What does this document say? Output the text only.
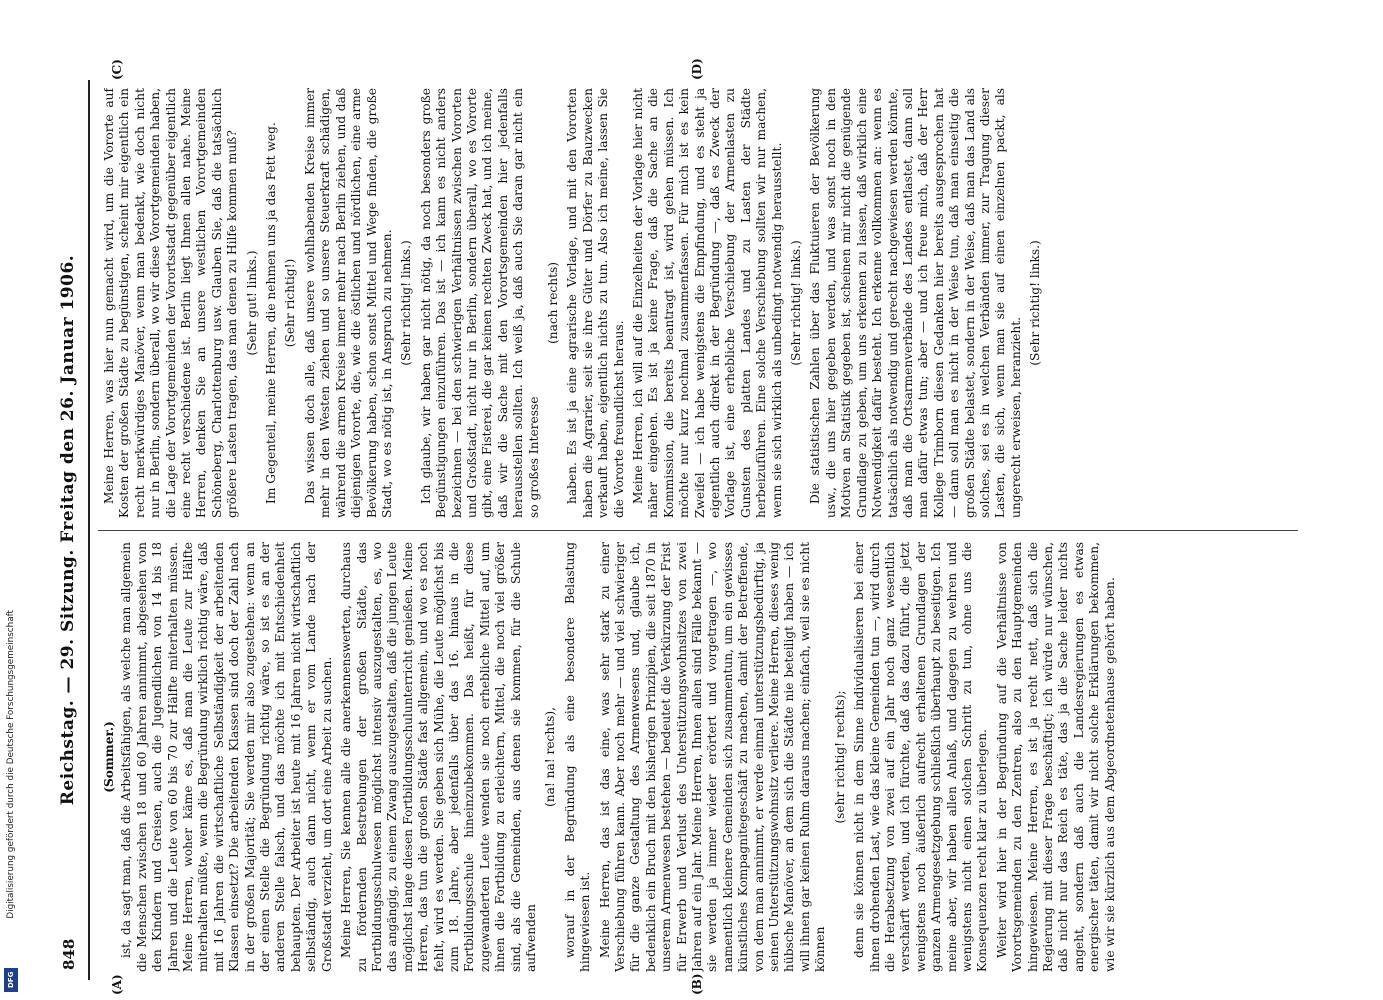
848
Reichstag. — 29. Sitzung. Freitag den 26. Januar 1906.
(A)	(B)
(C)	(D)
(Sommer.) ist, da sagt man, daß die Arbeitsfähigen, als welche man allgemein die Menschen zwischen 18 und 60 Jahren annimmt, abgesehen von den Kindern und Greisen, auch die Jugendlichen von 14 bis 18 Jahren und die Leute von 60 bis 70 zur Hälfte miterhalten müssen. Meine Herren, woher käme es, daß man die Leute zur Hälfte miterhalten müßte, wenn die Begründung wirklich richtig wäre, daß mit 16 Jahren die wirtschaftliche Selbständigkeit der arbeitenden Klassen einsetzt? Die arbeitenden Klassen sind doch der Zahl nach in der großen Majorität; Sie werden mir also zugestehen: wenn an der einen Stelle die Begründung richtig wäre, so ist es an der anderen Stelle falsch, und das möchte ich mit Entschiedenheit behaupten. Der Arbeiter ist heute mit 16 Jahren nicht wirtschaftlich selbständig, auch dann nicht, wenn er vom Lande nach der Großstadt verzieht, um dort eine Arbeit zu suchen. Meine Herren, Sie kennen alle die anerkennenswerten, durchaus zu fördernden Bestrebungen der großen Städte, das Fortbildungsschulwesen möglichst intensiv auszugestalten, es, wo das angängig, zu einem Zwang auszugestalten, daß die jungen Leute möglichst lange diesen Fortbildungsschulunterricht genießen. Meine Herren, das tun die großen Städte fast allgemein, und wo es noch fehlt, wird es werden. Sie geben sich Mühe, die Leute möglichst bis zum 18. Jahre, aber jedenfalls über das 16. hinaus in die Fortbildungsschule hineinzubekommen. Das heißt, für diese zugewanderten Leute wenden sie noch erhebliche Mittel auf, um ihnen die Fortbildung zu erleichtern, Mittel, die noch viel größer sind, als die Gemeinden, aus denen sie kommen, für die Schule aufwenden

(na! na! rechts), worauf in der Begründung als eine besondere Belastung hingewiesen ist. Meine Herren, das ist das eine, was sehr stark zu einer Verschiebung führen kann. Aber noch mehr — und viel schwieriger für die ganze Gestaltung des Armenwesens und, glaube ich, bedenklich ein Bruch mit den bisherigen Prinzipien, die seit 1870 in unserem Armenwesen bestehen — bedeutet die Verkürzung der Frist für Erwerb und Verlust des Unterstützungswohnsitzes von zwei Jahren auf ein Jahr. Meine Herren, Ihnen allen sind Fälle bekannt — sie werden ja immer wieder erörtert und vorgetragen —, wo namentlich kleinere Gemeinden sich zusammentun, um ein gewisses künstliches Kompagnitegeschäft zu machen, damit der Betreffende, von dem man annimmt, er werde einmal unterstützungsbedürftig, ja seinen Unterstützungswohnsitz verliere. Meine Herren, dieses wenig hübsche Manöver, an dem sich die Städte nie beteiligt haben — ich will ihnen gar keinen Ruhm daraus machen; einfach, weil sie es nicht können

(sehr richtig! rechts); denn sie können nicht in dem Sinne individualisieren bei einer ihnen drohenden Last, wie das kleine Gemeinden tun —, wird durch die Herabsetzung von zwei auf ein Jahr noch ganz wesentlich verschärft werden, und ich fürchte, daß das dazu führt, die jetzt wenigstens noch äußerlich aufrecht erhaltenen Grundlagen der ganzen Armengesetzgebung schließlich überhaupt zu beseitigen. Ich meine aber, wir haben allen Anlaß, und dagegen zu wehren und wenigstens nicht einen solchen Schritt zu tun, ohne uns die Konsequenzen recht klar zu überlegen. Weiter wird hier in der Begründung auf die Verhältnisse von Vorortsgemeinden zu den Zentren, also zu den Hauptgemeinden hingewiesen. Meine Herren, es ist ja recht nett, daß sich die Regierung mit dieser Frage beschäftigt; ich würde nur wünschen, daß nicht nur das Reich es täte, das ja die Sache leider nichts angeht, sondern daß auch die Landesregierungen es etwas energischer täten, damit wir nicht solche Erklärungen bekommen, wie wir sie kürzlich aus dem Abgeordnetenhause gehört haben.

Meine Herren, was hier nun gemacht wird, um die Vororte auf Kosten der großen Städte zu begünstigen, scheint mir eigentlich ein recht merkwürdiges Manöver, wenn man bedenkt, wie doch nicht nur in Berlin, sondern überall, wo wir diese Vorortgemeinden haben, die Lage der Vorortgemeinden der Vorortsstadt gegenüber eigentlich eine recht verschiedene ist. Berlin liegt Ihnen allen nahe. Meine Herren, denken Sie an unsere westlichen Vorortgemeinden Schöneberg, Charlottenburg usw. Glauben Sie, daß die tatsächlich größere Lasten tragen, das man denen zu Hilfe kommen muß? (Sehr gut! links.) Im Gegenteil, meine Herren, die nehmen uns ja das Fett weg. (Sehr richtig!) Das wissen doch alle, daß unsere wohlhabenden Kreise immer mehr in den Westen ziehen und so unsere Steuerkraft schädigen, während die armen Kreise immer mehr nach Berlin ziehen, und daß diejenigen Vororte, die, wie die östlichen und nördlichen, eine arme Bevölkerung haben, schon sonst Mittel und Wege finden, die große Stadt, wo es nötig ist, in Anspruch zu nehmen. (Sehr richtig! links.) Ich glaube, wir haben gar nicht nötig, da noch besonders große Begünstigungen einzuführen. Das ist — ich kann es nicht anders bezeichnen — bei den schwierigen Verhältnissen zwischen Vororten und Großstadt, nicht nur in Berlin, sondern überall, wo es Vororte gibt, eine Fisterei, die gar keinen rechten Zweck hat, und ich meine, daß wir die Sache mit den Vorortsgemeinden hier jedenfalls herausstellen sollten. Ich weiß ja, daß auch Sie daran gar nicht ein so großes Interesse

(nach rechts) haben. Es ist ja eine agrarische Vorlage, und mit den Vororten haben die Agrarier, seit sie ihre Güter und Dörfer zu Bauzwecken verkauft haben, eigentlich nichts zu tun. Also ich meine, lassen Sie die Vororte freundlichst heraus. Meine Herren, ich will auf die Einzelheiten der Vorlage hier nicht näher eingehen. Es ist ja keine Frage, daß die Sache an die Kommission, die bereits beantragt ist, wird gehen müssen. Ich möchte nur kurz nochmal zusammenfassen. Für mich ist es kein Zweifel — ich habe wenigstens die Empfindung, und es steht ja eigentlich auch direkt in der Begründung —, daß es Zweck der Vorlage ist, eine erhebliche Verschiebung der Armenlasten zu Gunsten des platten Landes und zu Lasten der Städte herbeizuführen. Eine solche Verschiebung sollten wir nur machen, wenn sie sich wirklich als unbedingt notwendig herausstellt. (Sehr richtig! links.) Die statistischen Zahlen über das Fluktuieren der Bevölkerung usw., die uns hier gegeben werden, und was sonst noch in den Motiven an Statistik gegeben ist, scheinen mir nicht die genügende Grundlage zu geben, um uns erkennen zu lassen, daß wirklich eine Notwendigkeit dafür besteht. Ich erkenne vollkommen an: wenn es tatsächlich als notwendig und gerecht nachgewiesen werden könnte, daß man die Ortsarmenverbände des Landes entlastet, dann soll man dafür etwas tun; aber — und ich freue mich, daß der Herr Kollege Trimborn diesen Gedanken hier bereits ausgesprochen hat — dann soll man es nicht in der Weise tun, daß man einseitig die großen Städte belastet, sondern in der Weise, daß man das Land als solches, sei es in welchen Verbänden immer, zur Tragung dieser Lasten, die sich, wenn man sie auf einen einzelnen packt, als ungerecht erweisen, heranzieht.

(Sehr richtig! links.)
Digitalisierung gefördert durch die Deutsche Forschungsgemeinschaft
DFG
